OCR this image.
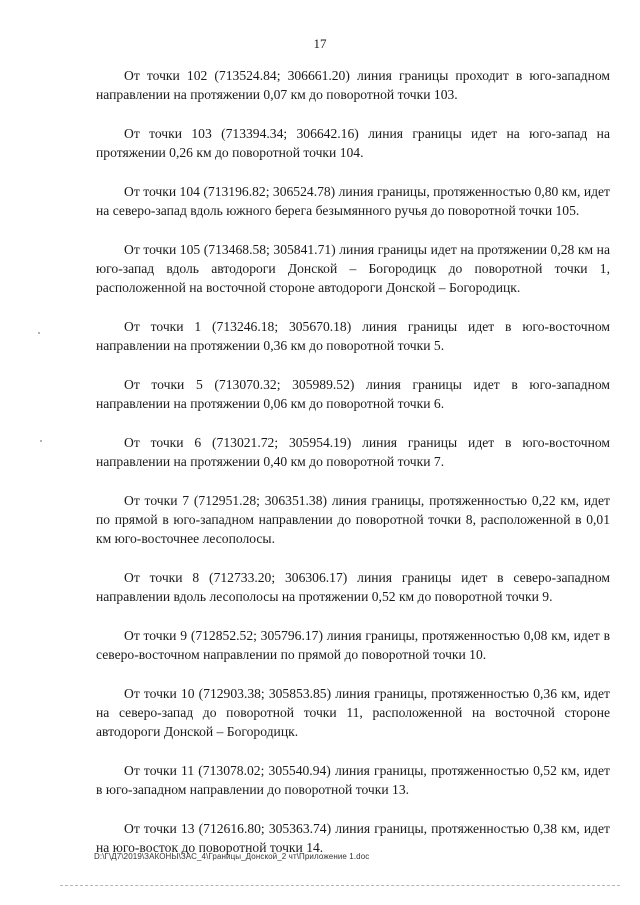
17

От точки 102 (713524.84; 306661.20) линия границы проходит в юго-западном направлении на протяжении 0,07 км до поворотной точки 103.

От точки 103 (713394.34; 306642.16) линия границы идет на юго-запад на протяжении 0,26 км до поворотной точки 104.

От точки 104 (713196.82; 306524.78) линия границы, протяженностью 0,80 км, идет на северо-запад вдоль южного берега безымянного ручья до поворотной точки 105.

От точки 105 (713468.58; 305841.71) линия границы идет на протяжении 0,28 км на юго-запад вдоль автодороги Донской – Богородицк до поворотной точки 1, расположенной на восточной стороне автодороги Донской – Богородицк.

От точки 1 (713246.18; 305670.18) линия границы идет в юго-восточном направлении на протяжении 0,36 км до поворотной точки 5.

От точки 5 (713070.32; 305989.52) линия границы идет в юго-западном направлении на протяжении 0,06 км до поворотной точки 6.

От точки 6 (713021.72; 305954.19) линия границы идет в юго-восточном направлении на протяжении 0,40 км до поворотной точки 7.

От точки 7 (712951.28; 306351.38) линия границы, протяженностью 0,22 км, идет по прямой в юго-западном направлении до поворотной точки 8, расположенной в 0,01 км юго-восточнее лесополосы.

От точки 8 (712733.20; 306306.17) линия границы идет в северо-западном направлении вдоль лесополосы на протяжении 0,52 км до поворотной точки 9.

От точки 9 (712852.52; 305796.17) линия границы, протяженностью 0,08 км, идет в северо-восточном направлении по прямой до поворотной точки 10.

От точки 10 (712903.38; 305853.85) линия границы, протяженностью 0,36 км, идет на северо-запад до поворотной точки 11, расположенной на восточной стороне автодороги Донской – Богородицк.

От точки 11 (713078.02; 305540.94) линия границы, протяженностью 0,52 км, идет в юго-западном направлении до поворотной точки 13.

От точки 13 (712616.80; 305363.74) линия границы, протяженностью 0,38 км, идет на юго-восток до поворотной точки 14.

D:\Г\Д7\2019\ЗАКОНЫ\ЗАС_4\Границы_Донской_2 чт\Приложение 1.doc
